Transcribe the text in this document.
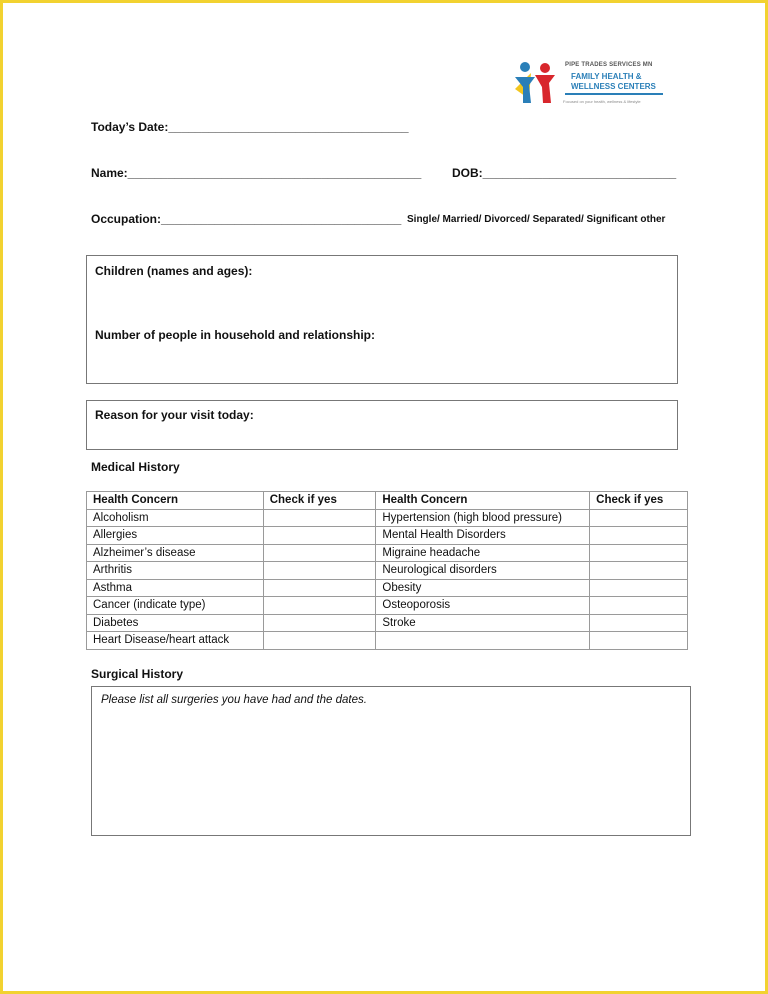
PIPE TRADES SERVICES MN
FAMILY HEALTH &
WELLNESS CENTERS
Focused on your health, wellness & lifestyle
Today’s Date:____________________________________
Name:____________________________________________	DOB:_____________________________
Occupation:____________________________________ Single/ Married/ Divorced/ Separated/ Significant other
Children (names and ages):
Number of people in household and relationship:
Reason for your visit today:
Medical History
Health Concern	Check if yes	Health Concern	Check if yes
Alcoholism		Hypertension (high blood pressure)	
Allergies		Mental Health Disorders	
Alzheimer’s disease		Migraine headache	
Arthritis		Neurological disorders	
Asthma		Obesity	
Cancer (indicate type)		Osteoporosis	
Diabetes		Stroke	
Heart Disease/heart attack			
Surgical History
Please list all surgeries you have had and the dates.
